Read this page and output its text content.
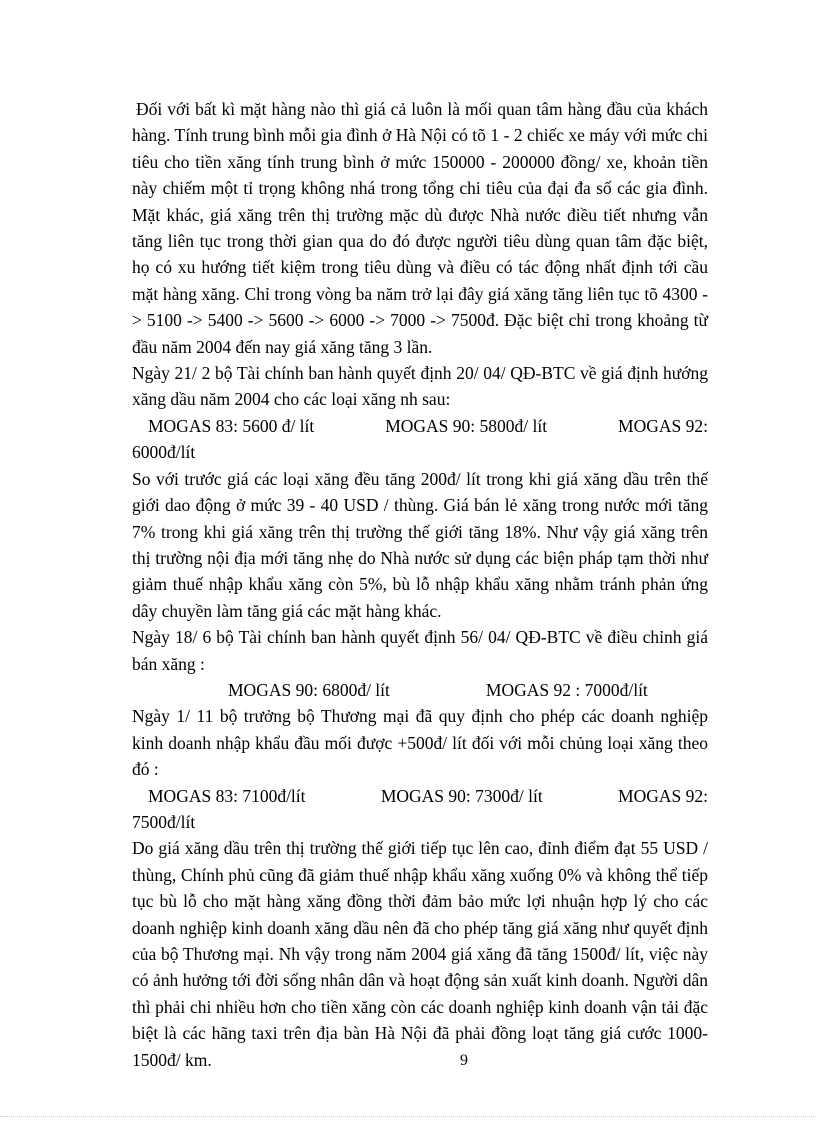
Đối với bất kì mặt hàng nào thì giá cả luôn là mối quan tâm hàng đầu của khách hàng. Tính trung bình mỗi gia đình ở Hà Nội có tõ 1 - 2 chiếc xe máy với mức chi tiêu cho tiền xăng tính trung bình ở mức 150000 - 200000 đồng/ xe, khoản tiền này chiếm một tỉ trọng không nhá trong tổng chi tiêu của đại đa số các gia đình. Mặt khác, giá xăng trên thị trường mặc dù được Nhà nước điều tiết nhưng vẫn tăng liên tục trong thời gian qua do đó được người tiêu dùng quan tâm đặc biệt, họ có xu hướng tiết kiệm trong tiêu dùng và điều có tác động nhất định tới cầu mặt hàng xăng. Chỉ trong vòng ba năm trở lại đây giá xăng tăng liên tục tõ 4300 -> 5100 -> 5400 -> 5600 -> 6000 -> 7000 -> 7500đ. Đặc biệt chỉ trong khoảng từ đầu năm 2004 đến nay giá xăng tăng 3 lần.

Ngày 21/ 2 bộ Tài chính ban hành quyết định 20/ 04/ QĐ-BTC về giá định hướng xăng dầu năm 2004 cho các loại xăng nh sau:

MOGAS 83: 5600 đ/ lít	MOGAS 90: 5800đ/ lít	MOGAS 92:

6000đ/lít

So với trước giá các loại xăng đều tăng 200đ/ lít trong khi giá xăng dầu trên thế giới dao động ở mức 39 - 40 USD / thùng. Giá bán lẻ xăng trong nước mới tăng 7% trong khi giá xăng trên thị trường thế giới tăng 18%. Như vậy giá xăng trên thị trường nội địa mới tăng nhẹ do Nhà nước sử dụng các biện pháp tạm thời như giảm thuế nhập khẩu xăng còn 5%, bù lỗ nhập khẩu xăng nhằm tránh phản ứng dây chuyền làm tăng giá các mặt hàng khác.

Ngày 18/ 6 bộ Tài chính ban hành quyết định 56/ 04/ QĐ-BTC về điều chỉnh giá bán xăng :

MOGAS 90: 6800đ/ lít	MOGAS 92 : 7000đ/lít

Ngày 1/ 11 bộ trưởng bộ Thương mại đã quy định cho phép các doanh nghiệp kinh doanh nhập khẩu đầu mối được +500đ/ lít đối với mỗi chủng loại xăng theo đó :

MOGAS 83: 7100đ/lít	MOGAS 90: 7300đ/ lít	MOGAS 92:

7500đ/lít

Do giá xăng dầu trên thị trường thế giới tiếp tục lên cao, đỉnh điểm đạt 55 USD / thùng, Chính phủ cũng đã giảm thuế nhập khẩu xăng xuống 0% và không thể tiếp tục bù lỗ cho mặt hàng xăng đồng thời đảm bảo mức lợi nhuận hợp lý cho các doanh nghiệp kinh doanh xăng dầu nên đã cho phép tăng giá xăng như quyết định của bộ Thương mại. Nh vậy trong năm 2004 giá xăng đã tăng 1500đ/ lít, việc này có ảnh hưởng tới đời sống nhân dân và hoạt động sản xuất kinh doanh. Người dân thì phải chi nhiều hơn cho tiền xăng còn các doanh nghiệp kinh doanh vận tải đặc biệt là các hãng taxi trên địa bàn Hà Nội đã phải đồng loạt tăng giá cước 1000-1500đ/ km.	9
